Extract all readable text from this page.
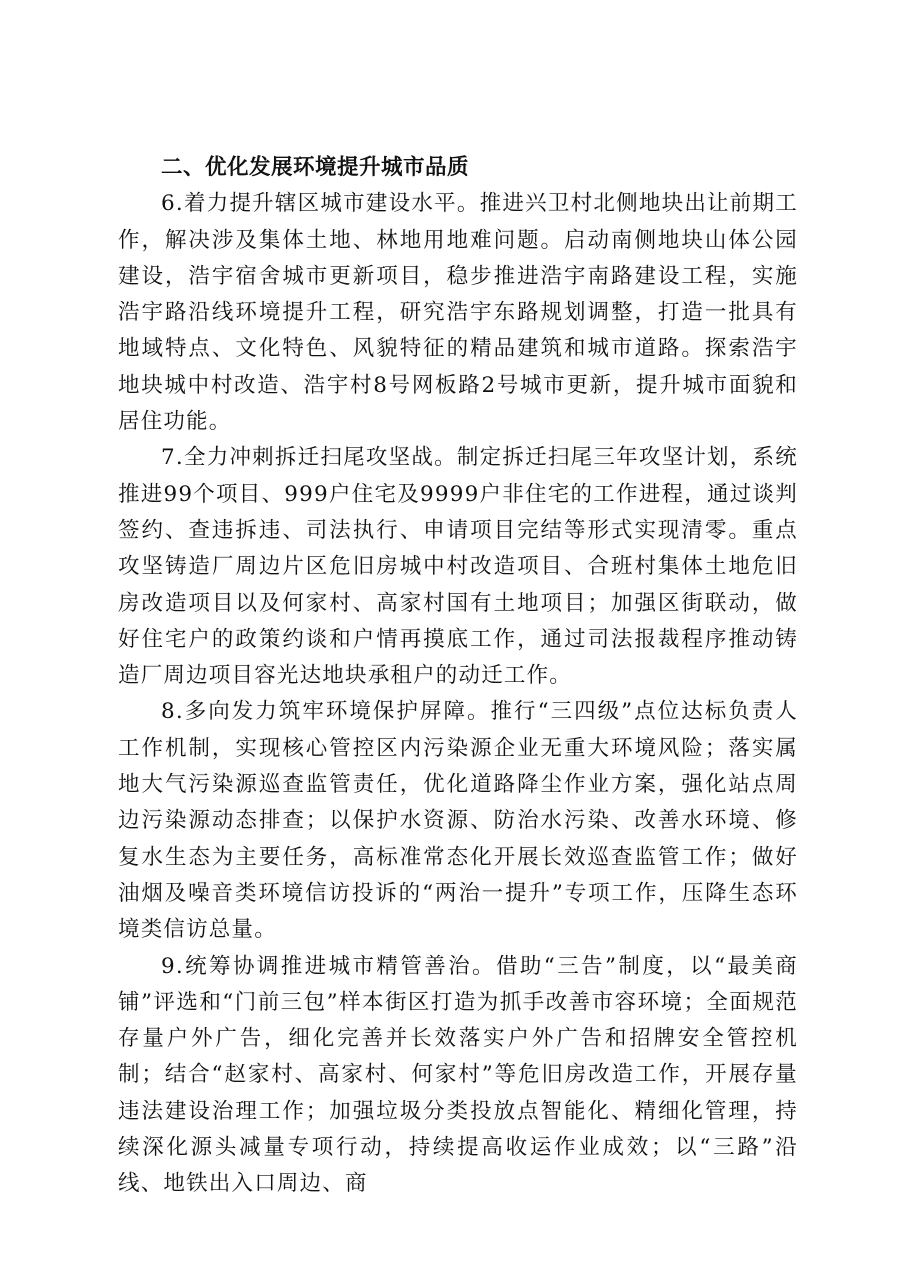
二、优化发展环境提升城市品质

6.着力提升辖区城市建设水平。推进兴卫村北侧地块出让前期工作，解决涉及集体土地、林地用地难问题。启动南侧地块山体公园建设，浩宇宿舍城市更新项目，稳步推进浩宇南路建设工程，实施浩宇路沿线环境提升工程，研究浩宇东路规划调整，打造一批具有地域特点、文化特色、风貌特征的精品建筑和城市道路。探索浩宇地块城中村改造、浩宇村8号网板路2号城市更新，提升城市面貌和居住功能。

7.全力冲刺拆迁扫尾攻坚战。制定拆迁扫尾三年攻坚计划，系统推进99个项目、999户住宅及9999户非住宅的工作进程，通过谈判签约、查违拆违、司法执行、申请项目完结等形式实现清零。重点攻坚铸造厂周边片区危旧房城中村改造项目、合班村集体土地危旧房改造项目以及何家村、高家村国有土地项目；加强区街联动，做好住宅户的政策约谈和户情再摸底工作，通过司法报裁程序推动铸造厂周边项目容光达地块承租户的动迁工作。

8.多向发力筑牢环境保护屏障。推行“三四级”点位达标负责人工作机制，实现核心管控区内污染源企业无重大环境风险；落实属地大气污染源巡查监管责任，优化道路降尘作业方案，强化站点周边污染源动态排查；以保护水资源、防治水污染、改善水环境、修复水生态为主要任务，高标准常态化开展长效巡查监管工作；做好油烟及噪音类环境信访投诉的“两治一提升”专项工作，压降生态环境类信访总量。

9.统筹协调推进城市精管善治。借助“三告”制度，以“最美商铺”评选和“门前三包”样本街区打造为抓手改善市容环境；全面规范存量户外广告，细化完善并长效落实户外广告和招牌安全管控机制；结合“赵家村、高家村、何家村”等危旧房改造工作，开展存量违法建设治理工作；加强垃圾分类投放点智能化、精细化管理，持续深化源头减量专项行动，持续提高收运作业成效；以“三路”沿线、地铁出入口周边、商
